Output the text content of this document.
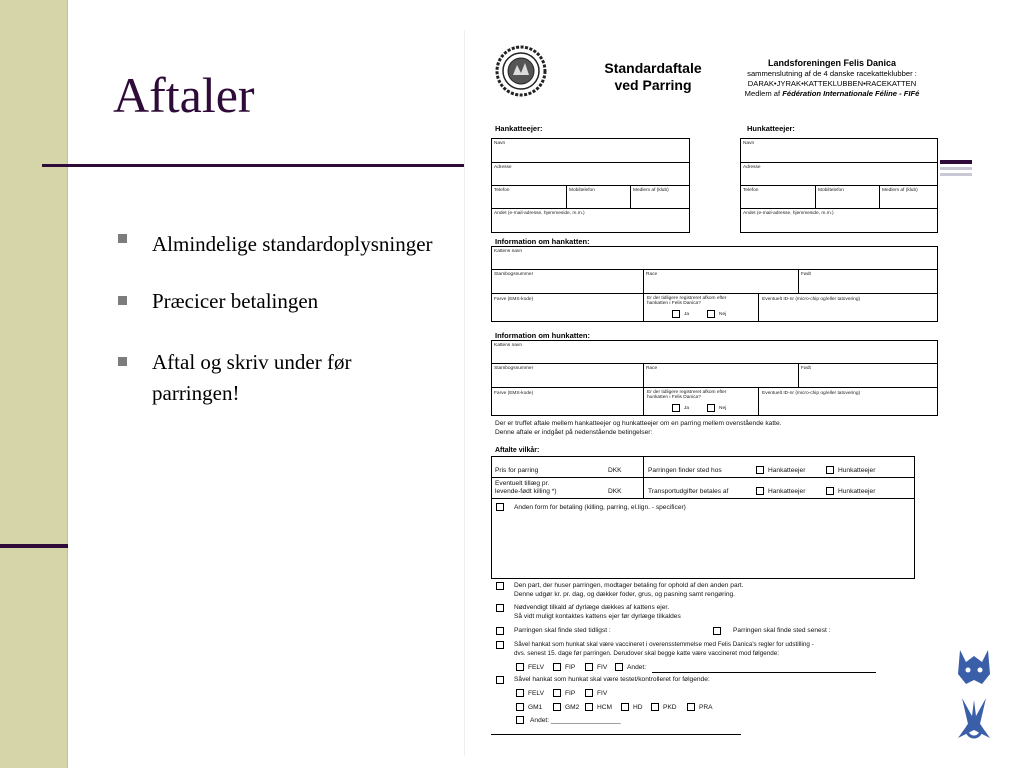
Aftaler
Almindelige standardoplysninger
Præcicer betalingen
Aftal og skriv under før parringen!
Standardaftale
ved Parring
Landsforeningen Felis Danica
sammenslutning af de 4 danske racekatteklubber :
DARAK•JYRAK•KATTEKLUBBEN•RACEKATTEN
Medlem af Fédération Internationale Féline - FIFé
Hankatteejer:	Hunkatteejer:
Navn
Adresse
Telefon	Mobiltelefon	Medlem af (klub)
Andet (e-mail-adresse, hjemmeside, m.m.)
Navn
Adresse
Telefon	Mobiltelefon	Medlem af (klub)
Andet (e-mail-adresse, hjemmeside, m.m.)
Information om hankatten:
Kattens navn
Stambogsnummer	Race	Født
Farve (EMS-kode)	Er der tidligere registreret afkom efter hankatten i Felis Danica?
Ja	Nej
Eventuelt ID-nr (micro-chip og/eller tatovering)
Information om hunkatten:
Kattens navn
Stambogsnummer	Race	Født
Farve (EMS-kode)	Er der tidligere registreret afkom efter hunkatten i Felis Danica?
Ja	Nej
Eventuelt ID-nr (micro-chip og/eller tatovering)
Der er truffet aftale mellem hankatteejer og hunkatteejer om en parring mellem ovenstående katte.
Denne aftale er indgået på nedenstående betingelser:
Aftalte vilkår:
Pris for parring	DKK	Parringen finder sted hos	Hankatteejer	Hunkatteejer
Eventuelt tillæg pr.
levende-født killing *)	DKK	Transportudgifter betales af	Hankatteejer	Hunkatteejer
Anden form for betaling (killing, parring, el.lign. - specificer)
Den part, der huser parringen, modtager betaling for ophold af den anden part.
Denne udgør kr. pr. dag, og dækker foder, grus, og pasning samt rengøring.
Nødvendigt tilkald af dyrlæge dækkes af kattens ejer.
Så vidt muligt kontaktes kattens ejer før dyrlæge tilkaldes
Parringen skal finde sted tidligst :	Parringen skal finde sted senest :
Såvel hankat som hunkat skal være vaccineret i overensstemmelse med Felis Danica's regler for udstilling -
dvs. senest 15. dage før parringen. Derudover skal begge katte være vaccineret mod følgende:
FELV	FIP	FIV	Andet:
Såvel hankat som hunkat skal være testet/kontrolleret for følgende:
FELV	FIP	FIV
GM1	GM2	HCM	HD	PKD	PRA
Andet: ___________________
